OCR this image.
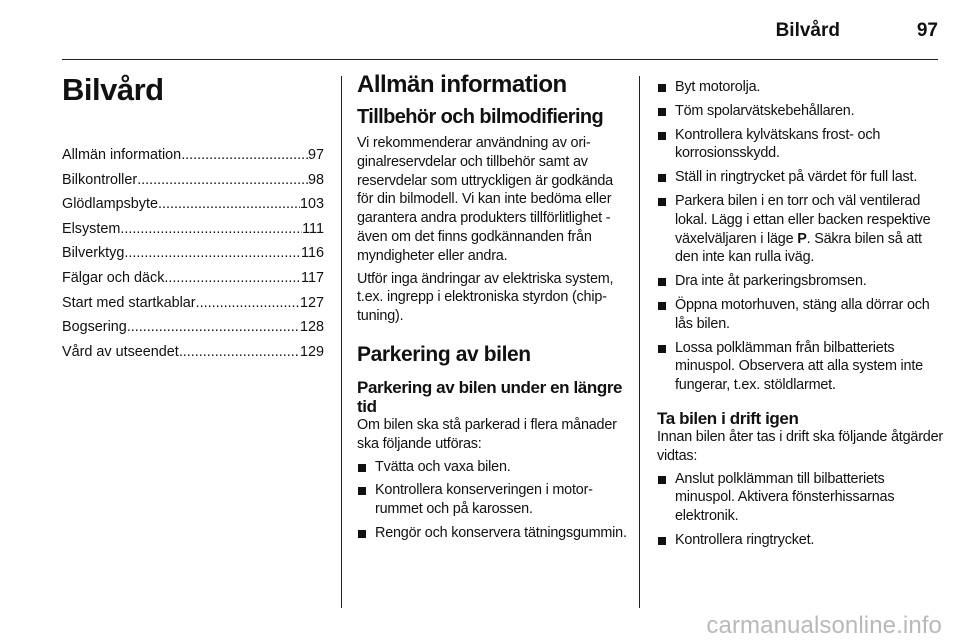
Bilvård	97
Bilvård
Allmän information .....	97
Bilkontroller .....	98
Glödlampsbyte .....	103
Elsystem .....	111
Bilverktyg .....	116
Fälgar och däck .....	117
Start med startkablar .....	127
Bogsering .....	128
Vård av utseendet .....	129
Allmän information
Tillbehör och bilmodifiering

Vi rekommenderar användning av originalreservdelar och tillbehör samt av reservdelar som uttryckligen är godkända för din bilmodell. Vi kan inte bedöma eller garantera andra produkters tillförlitlighet - även om det finns godkännanden från myndigheter eller andra.

Utför inga ändringar av elektriska system, t.ex. ingrepp i elektroniska styrdon (chip-tuning).

Parkering av bilen
Parkering av bilen under en längre tid

Om bilen ska stå parkerad i flera månader ska följande utföras:

Tvätta och vaxa bilen.
Kontrollera konserveringen i motorrummet och på karossen.
Rengör och konservera tätningsgummin.
Byt motorolja.
Töm spolarvätskebehållaren.
Kontrollera kylvätskans frost- och korrosionsskydd.
Ställ in ringtrycket på värdet för full last.
Parkera bilen i en torr och väl ventilerad lokal. Lägg i ettan eller backen respektive växelväljaren i läge P. Säkra bilen så att den inte kan rulla iväg.
Dra inte åt parkeringsbromsen.
Öppna motorhuven, stäng alla dörrar och lås bilen.
Lossa polklämman från bilbatteriets minuspol. Observera att alla system inte fungerar, t.ex. stöldlarmet.
Ta bilen i drift igen

Innan bilen åter tas i drift ska följande åtgärder vidtas:

Anslut polklämman till bilbatteriets minuspol. Aktivera fönsterhissarnas elektronik.
Kontrollera ringtrycket.
carmanualsonline.info
